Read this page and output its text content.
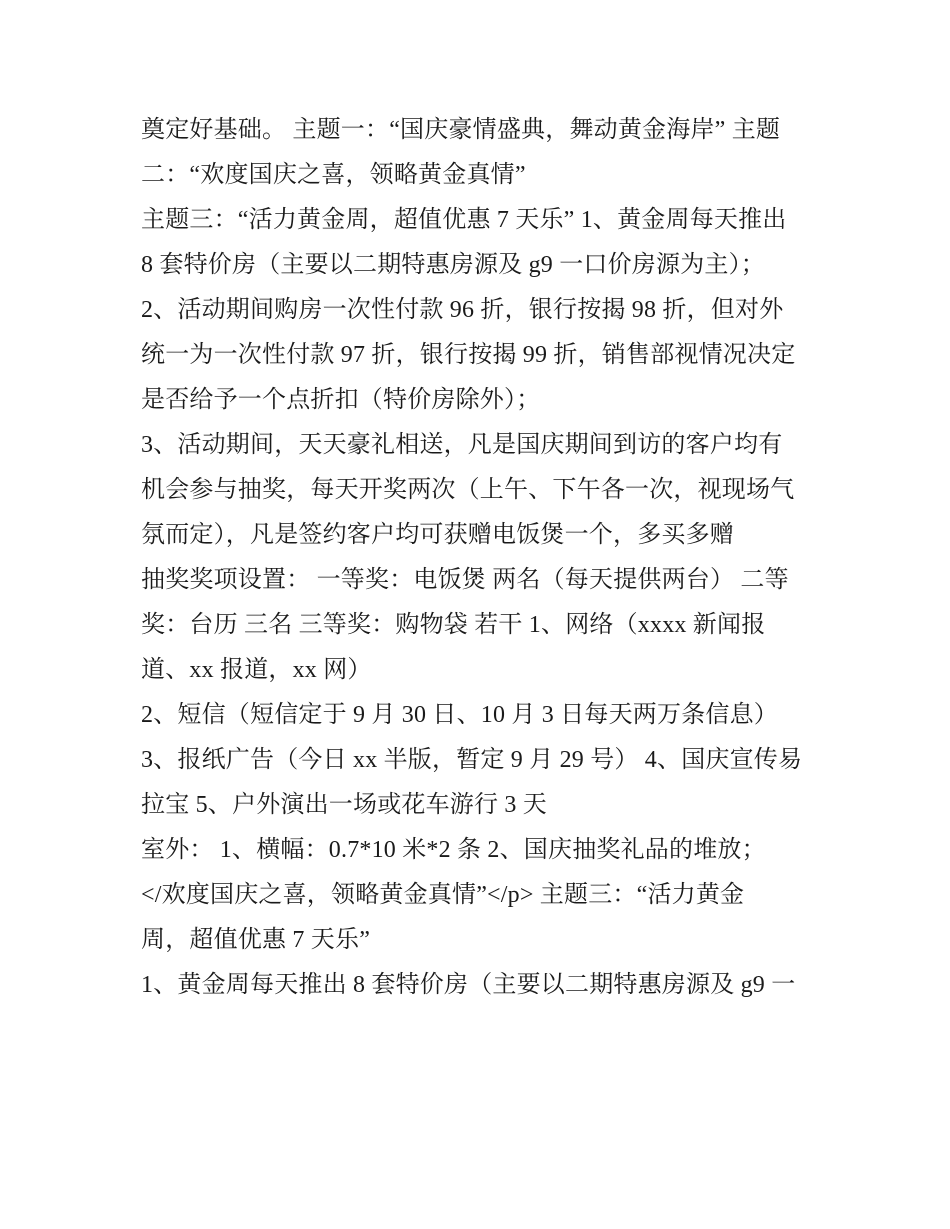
奠定好基础。 主题一：“国庆豪情盛典，舞动黄金海岸” 主题
二：“欢度国庆之喜，领略黄金真情”
主题三：“活力黄金周，超值优惠 7 天乐” 1、黄金周每天推出
8 套特价房（主要以二期特惠房源及 g9 一口价房源为主）；
2、活动期间购房一次性付款 96 折，银行按揭 98 折，但对外
统一为一次性付款 97 折，银行按揭 99 折，销售部视情况决定
是否给予一个点折扣（特价房除外）；
3、活动期间，天天豪礼相送，凡是国庆期间到访的客户均有
机会参与抽奖，每天开奖两次（上午、下午各一次，视现场气
氛而定），凡是签约客户均可获赠电饭煲一个，多买多赠
抽奖奖项设置： 一等奖：电饭煲 两名（每天提供两台） 二等
奖：台历 三名 三等奖：购物袋 若干 1、网络（xxxx 新闻报
道、xx 报道，xx 网）
2、短信（短信定于 9 月 30 日、10 月 3 日每天两万条信息）
3、报纸广告（今日 xx 半版，暂定 9 月 29 号） 4、国庆宣传易
拉宝 5、户外演出一场或花车游行 3 天
室外： 1、横幅：0.7*10 米*2 条 2、国庆抽奖礼品的堆放；
</欢度国庆之喜，领略黄金真情”</p> 主题三：“活力黄金
周，超值优惠 7 天乐”
1、黄金周每天推出 8 套特价房（主要以二期特惠房源及 g9 一
